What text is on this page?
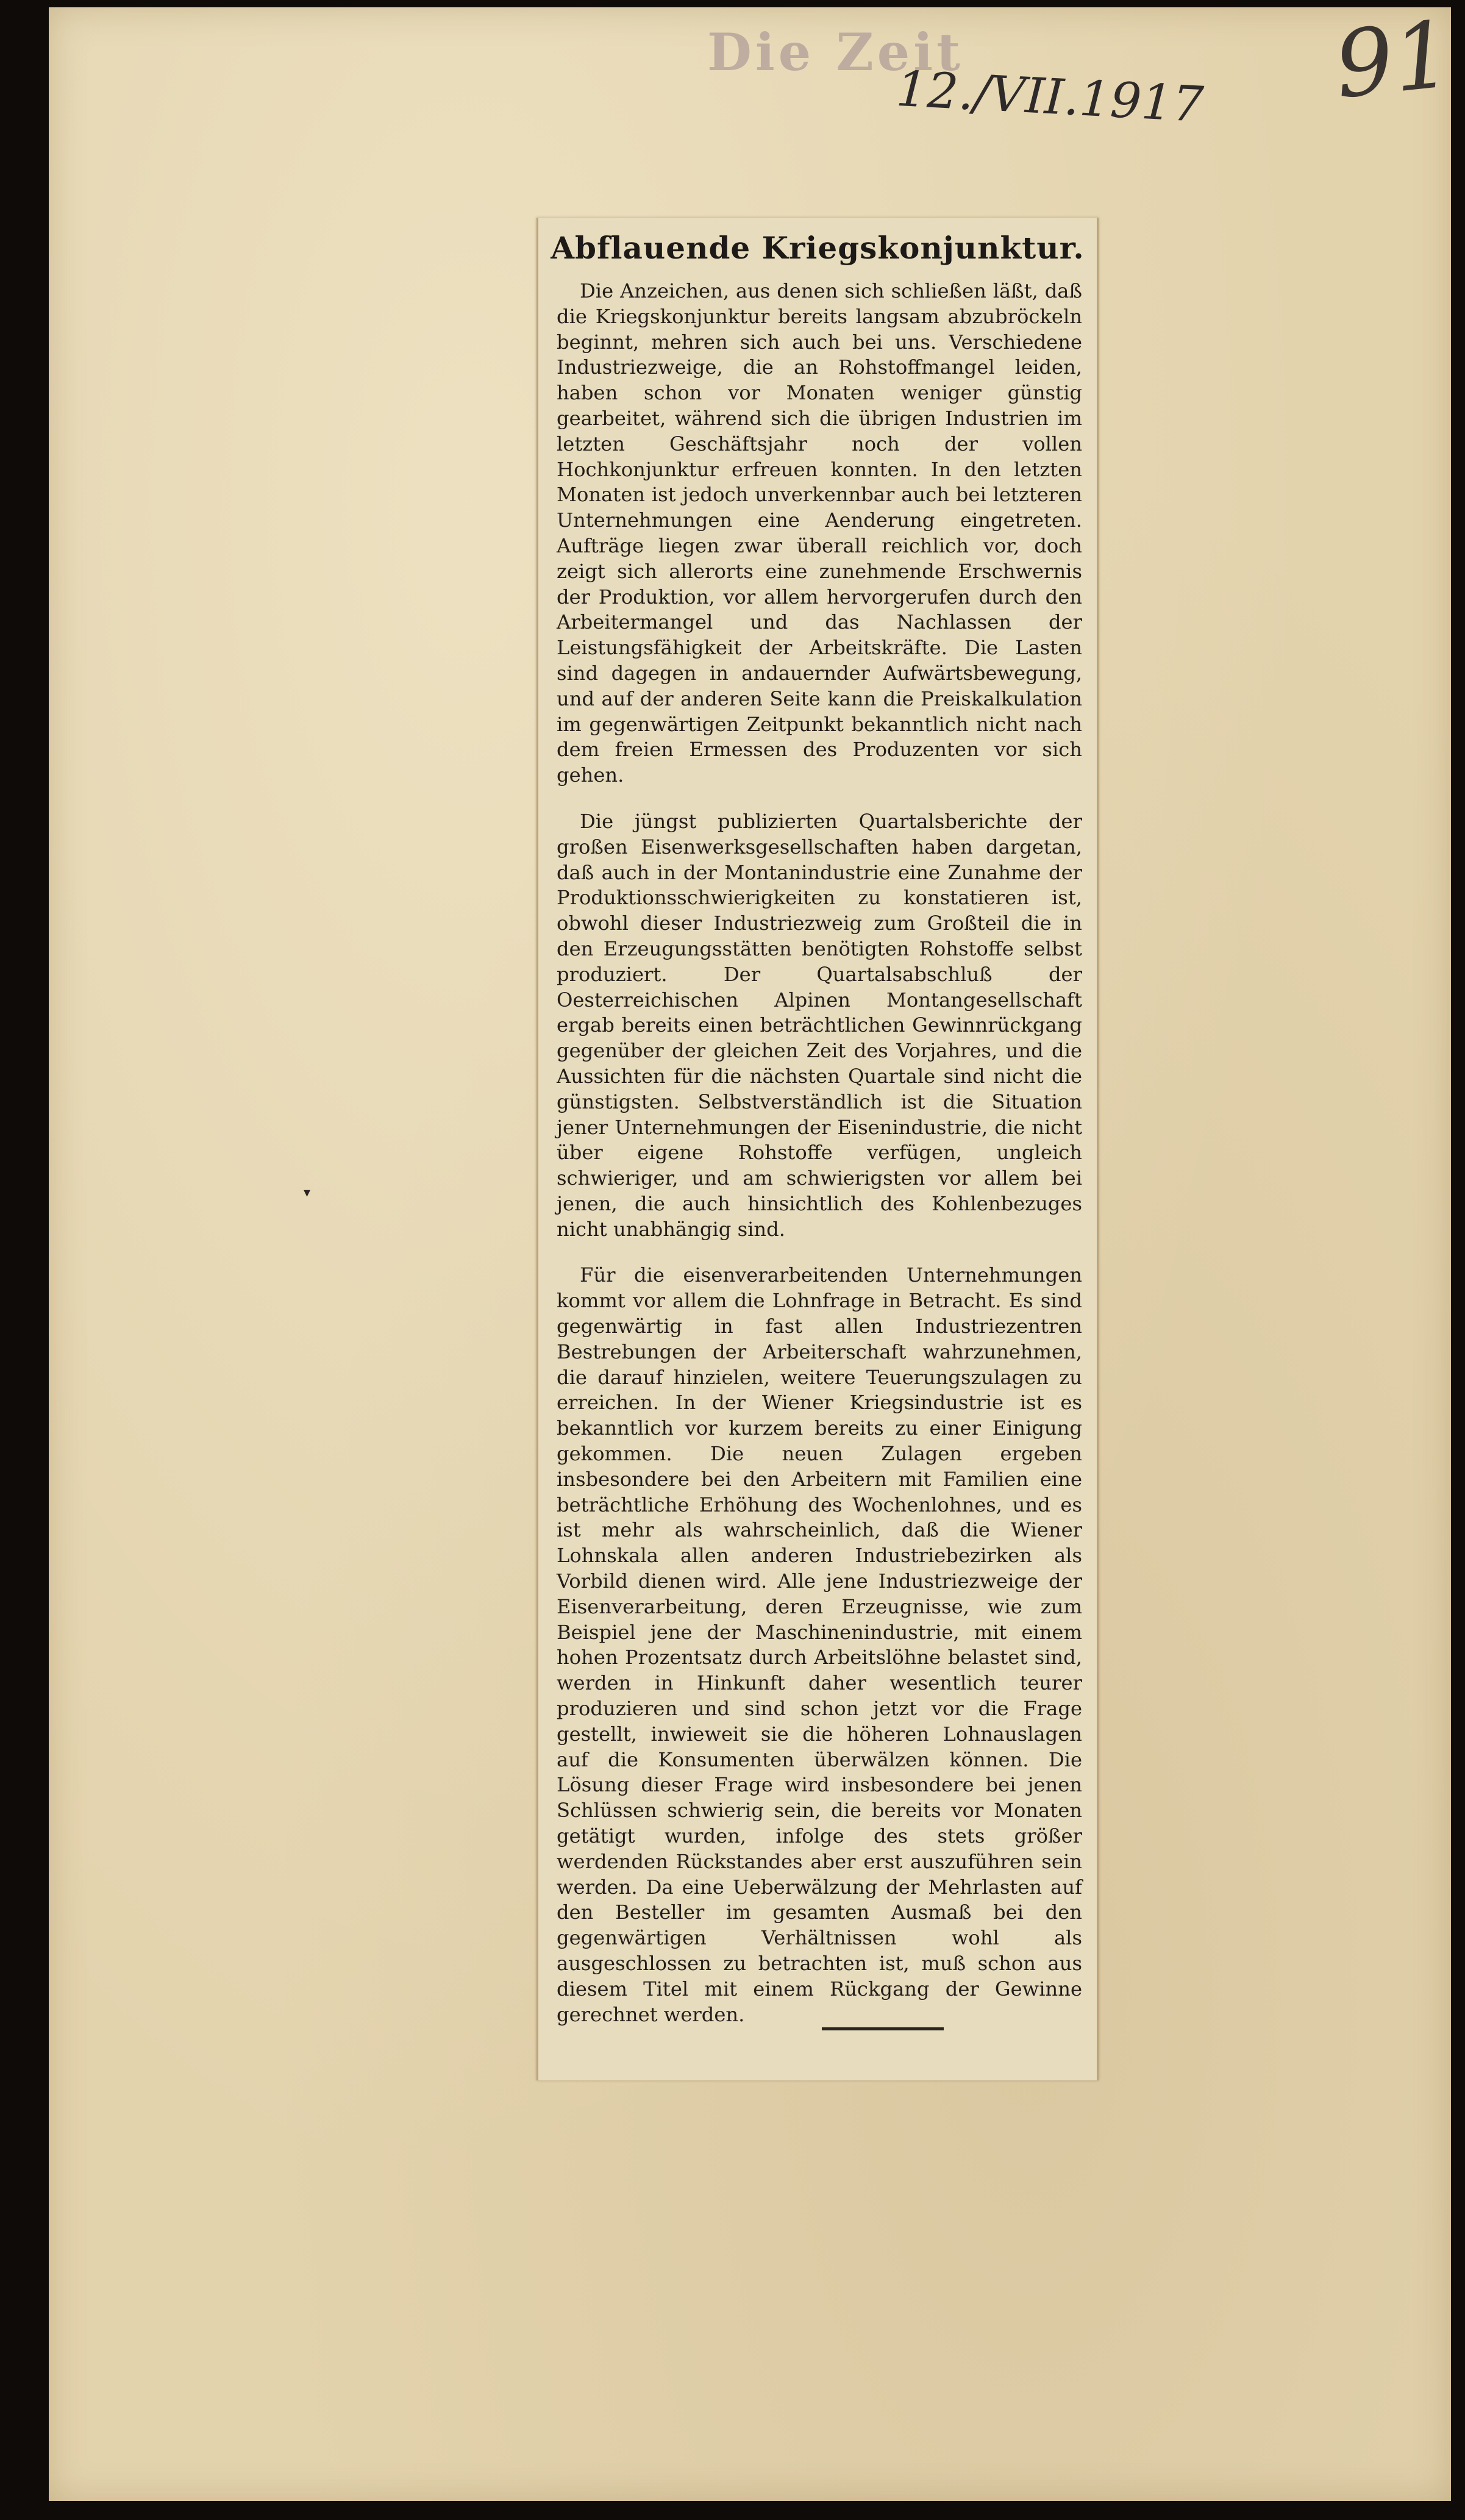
Die Zeit
12./VII.1917 91
Abflauende Kriegskonjunktur.

Die Anzeichen, aus denen sich schließen läßt, daß die Kriegskonjunktur bereits langsam abzubröckeln beginnt, mehren sich auch bei uns. Verschiedene Industriezweige, die an Rohstoffmangel leiden, haben schon vor Monaten weniger günstig gearbeitet, während sich die übrigen Industrien im letzten Geschäftsjahr noch der vollen Hochkonjunktur erfreuen konnten. In den letzten Monaten ist jedoch unverkennbar auch bei letzteren Unternehmungen eine Aenderung eingetreten. Aufträge liegen zwar überall reichlich vor, doch zeigt sich allerorts eine zunehmende Erschwernis der Produktion, vor allem hervorgerufen durch den Arbeitermangel und das Nachlassen der Leistungsfähigkeit der Arbeitskräfte. Die Lasten sind dagegen in andauernder Aufwärtsbewegung, und auf der anderen Seite kann die Preiskalkulation im gegenwärtigen Zeitpunkt bekanntlich nicht nach dem freien Ermessen des Produzenten vor sich gehen.

Die jüngst publizierten Quartalsberichte der großen Eisenwerksgesellschaften haben dargetan, daß auch in der Montanindustrie eine Zunahme der Produktionsschwierigkeiten zu konstatieren ist, obwohl dieser Industriezweig zum Großteil die in den Erzeugungsstätten benötigten Rohstoffe selbst produziert. Der Quartalsabschluß der Oesterreichischen Alpinen Montangesellschaft ergab bereits einen beträchtlichen Gewinnrückgang gegenüber der gleichen Zeit des Vorjahres, und die Aussichten für die nächsten Quartale sind nicht die günstigsten. Selbstverständlich ist die Situation jener Unternehmungen der Eisenindustrie, die nicht über eigene Rohstoffe verfügen, ungleich schwieriger, und am schwierigsten vor allem bei jenen, die auch hinsichtlich des Kohlenbezuges nicht unabhängig sind.

Für die eisenverarbeitenden Unternehmungen kommt vor allem die Lohnfrage in Betracht. Es sind gegenwärtig in fast allen Industriezentren Bestrebungen der Arbeiterschaft wahrzunehmen, die darauf hinzielen, weitere Teuerungszulagen zu erreichen. In der Wiener Kriegsindustrie ist es bekanntlich vor kurzem bereits zu einer Einigung gekommen. Die neuen Zulagen ergeben insbesondere bei den Arbeitern mit Familien eine beträchtliche Erhöhung des Wochenlohnes, und es ist mehr als wahrscheinlich, daß die Wiener Lohnskala allen anderen Industriebezirken als Vorbild dienen wird. Alle jene Industriezweige der Eisenverarbeitung, deren Erzeugnisse, wie zum Beispiel jene der Maschinenindustrie, mit einem hohen Prozentsatz durch Arbeitslöhne belastet sind, werden in Hinkunft daher wesentlich teurer produzieren und sind schon jetzt vor die Frage gestellt, inwieweit sie die höheren Lohnauslagen auf die Konsumenten überwälzen können. Die Lösung dieser Frage wird insbesondere bei jenen Schlüssen schwierig sein, die bereits vor Monaten getätigt wurden, infolge des stets größer werdenden Rückstandes aber erst auszuführen sein werden. Da eine Ueberwälzung der Mehrlasten auf den Besteller im gesamten Ausmaß bei den gegenwärtigen Verhältnissen wohl als ausgeschlossen zu betrachten ist, muß schon aus diesem Titel mit einem Rückgang der Gewinne gerechnet werden.

▾
